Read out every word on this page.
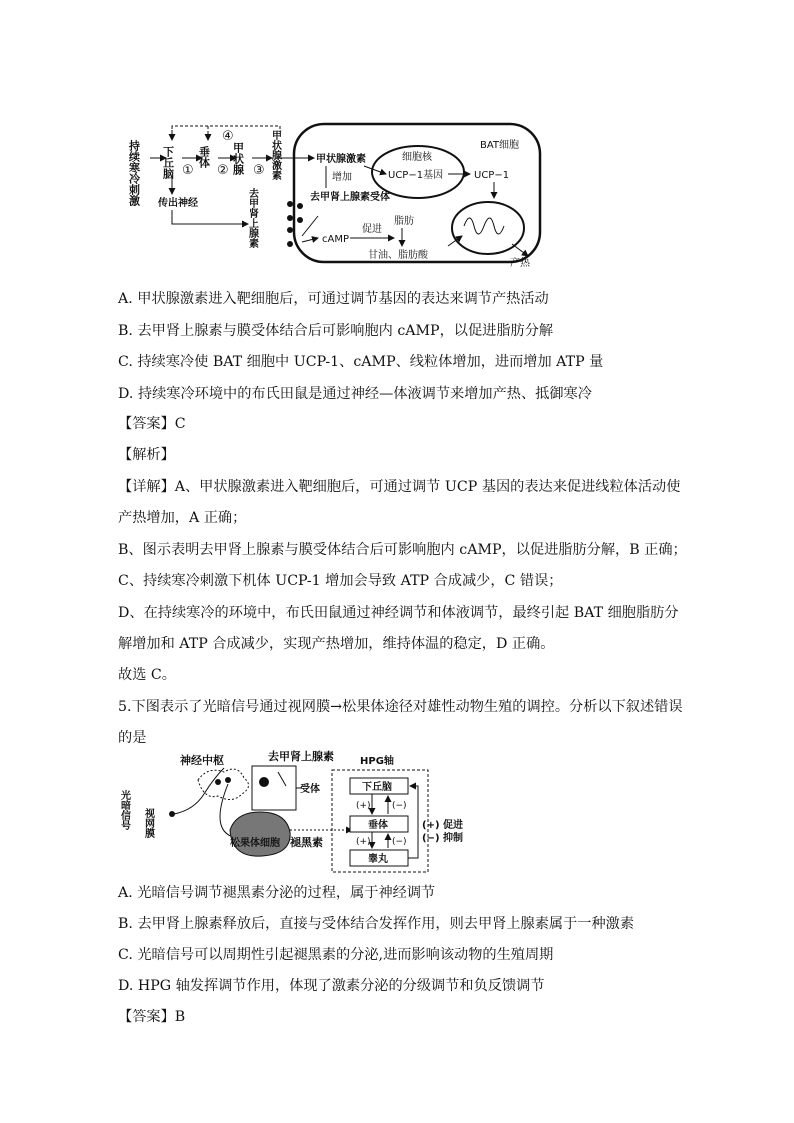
持续寒冷刺激 下丘脑 ①
垂体
② 甲状腺 ③ 甲状腺激素
④
传出神经	去甲肾上腺素
BAT细胞
甲状腺激素	细胞核
UCP−1基因	UCP−1
增加
去甲肾上腺素受体
cAMP
促进
脂肪
甘油、脂肪酸
产热
A. 甲状腺激素进入靶细胞后，可通过调节基因的表达来调节产热活动
B. 去甲肾上腺素与膜受体结合后可影响胞内 cAMP，以促进脂肪分解
C. 持续寒冷使 BAT 细胞中 UCP-1、cAMP、线粒体增加，进而增加 ATP 量
D. 持续寒冷环境中的布氏田鼠是通过神经—体液调节来增加产热、抵御寒冷
【答案】C
【解析】
【详解】A、甲状腺激素进入靶细胞后，可通过调节 UCP 基因的表达来促进线粒体活动使
产热增加，A 正确；
B、图示表明去甲肾上腺素与膜受体结合后可影响胞内 cAMP，以促进脂肪分解，B 正确；
C、持续寒冷刺激下机体 UCP-1 增加会导致 ATP 合成减少，C 错误；
D、在持续寒冷的环境中，布氏田鼠通过神经调节和体液调节，最终引起 BAT 细胞脂肪分
解增加和 ATP 合成减少，实现产热增加，维持体温的稳定，D 正确。
故选 C。
5.下图表示了光暗信号通过视网膜→松果体途径对雄性动物生殖的调控。分析以下叙述错误
的是
光暗信号 视网膜
神经中枢	去甲肾上腺素
受体
松果体细胞 褪黑素
HPG轴
下丘脑
垂体
睾丸
(+) (−)
(+) (−)
(+) 促进
(−) 抑制
A. 光暗信号调节褪黑素分泌的过程，属于神经调节
B. 去甲肾上腺素释放后，直接与受体结合发挥作用，则去甲肾上腺素属于一种激素
C. 光暗信号可以周期性引起褪黑素的分泌,进而影响该动物的生殖周期
D. HPG 轴发挥调节作用，体现了激素分泌的分级调节和负反馈调节
【答案】B
